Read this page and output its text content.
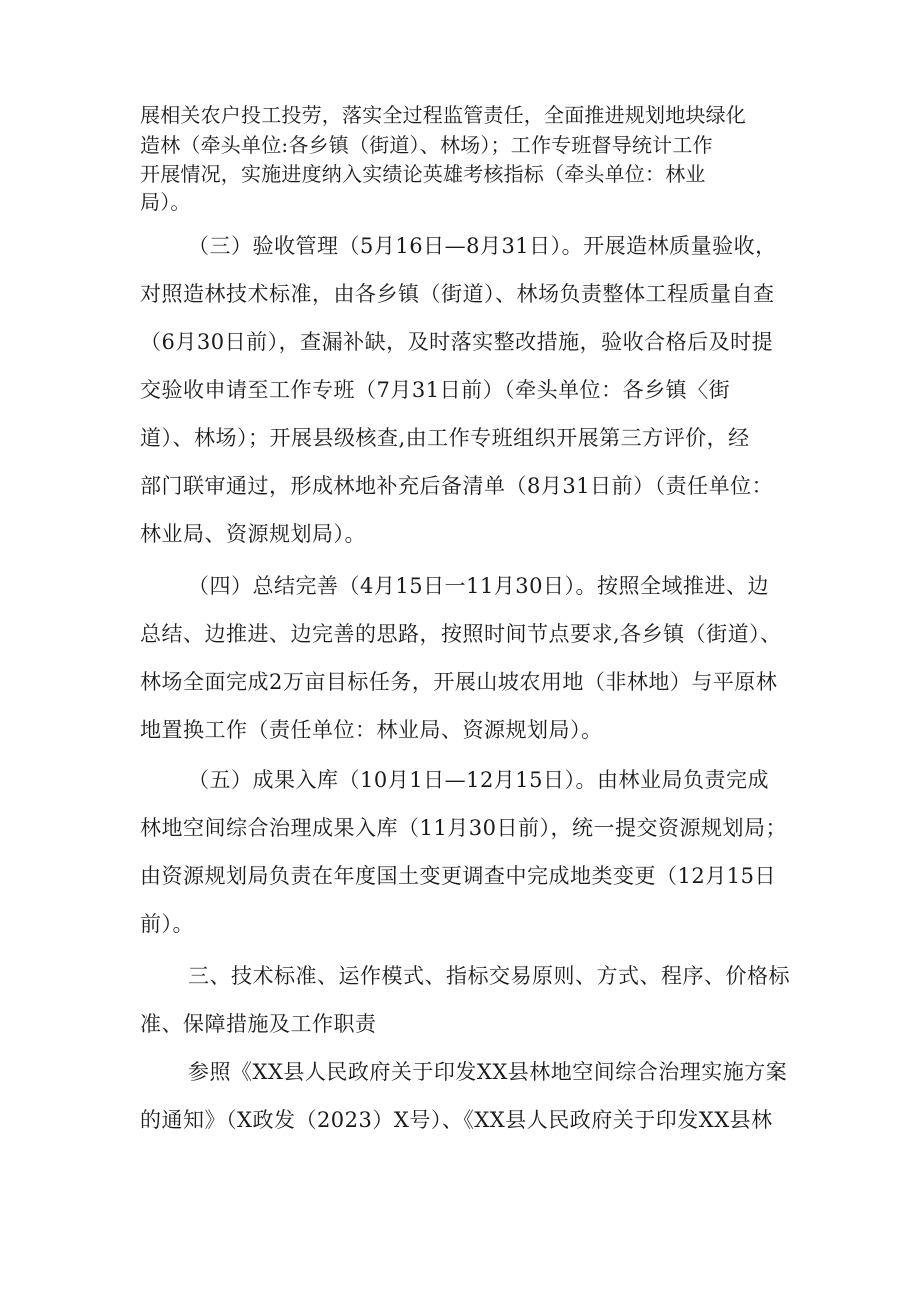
展相关农户投工投劳，落实全过程监管责任，全面推进规划地块绿化
造林（牵头单位:各乡镇（街道）、林场）；工作专班督导统计工作
开展情况，实施进度纳入实绩论英雄考核指标（牵头单位：林业
局）。
（三）验收管理（5月16日—8月31日）。开展造林质量验收，
对照造林技术标准，由各乡镇（街道）、林场负责整体工程质量自查
（6月30日前），查漏补缺，及时落实整改措施，验收合格后及时提
交验收申请至工作专班（7月31日前）（牵头单位：各乡镇〈街
道）、林场）；开展县级核查,由工作专班组织开展第三方评价，经
部门联审通过，形成林地补充后备清单（8月31日前）（责任单位：
林业局、资源规划局）。
（四）总结完善（4月15日一11月30日）。按照全域推进、边
总结、边推进、边完善的思路，按照时间节点要求,各乡镇（街道）、
林场全面完成2万亩目标任务，开展山坡农用地（非林地）与平原林
地置换工作（责任单位：林业局、资源规划局）。
（五）成果入库（10月1日—12月15日）。由林业局负责完成
林地空间综合治理成果入库（11月30日前），统一提交资源规划局；
由资源规划局负责在年度国土变更调查中完成地类变更（12月15日
前）。
三、技术标准、运作模式、指标交易原则、方式、程序、价格标
准、保障措施及工作职责
参照《XX县人民政府关于印发XX县林地空间综合治理实施方案
的通知》（X政发（2023）X号）、《XX县人民政府关于印发XX县林
